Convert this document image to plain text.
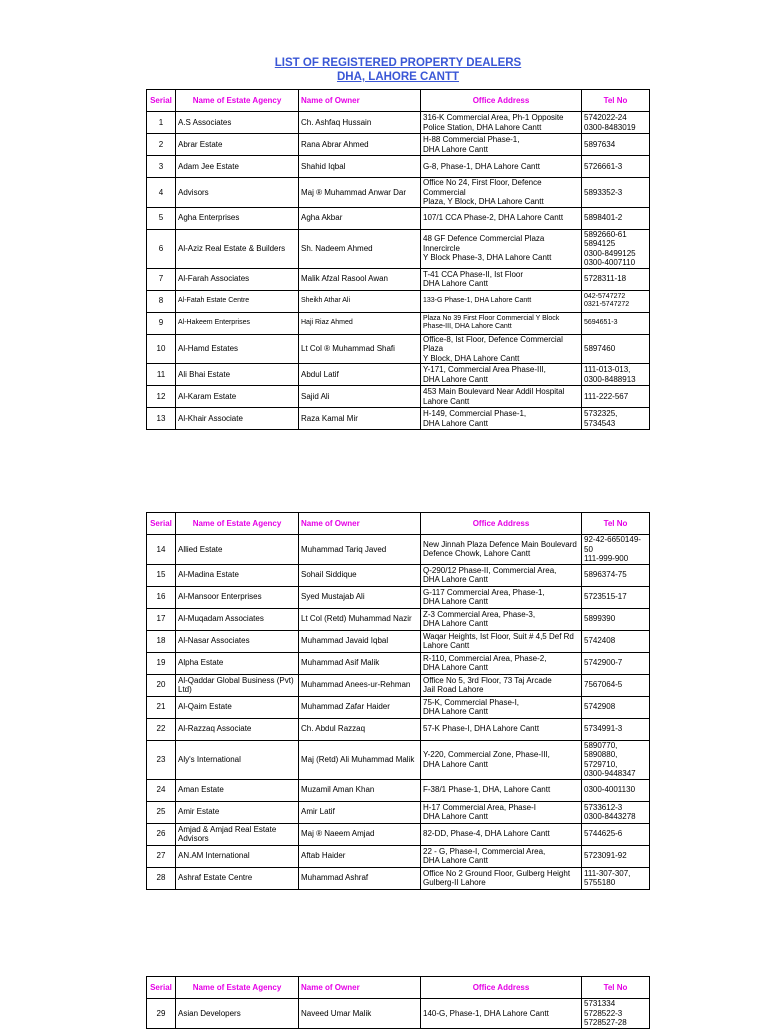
LIST OF REGISTERED PROPERTY DEALERS
DHA, LAHORE CANTT
Serial	Name of Estate Agency	Name of Owner	Office Address	Tel No
1	A.S Associates	Ch. Ashfaq Hussain	316-K Commercial Area, Ph-1 Opposite
Police Station, DHA Lahore Cantt	5742022-24
0300-8483019
2	Abrar Estate	Rana Abrar Ahmed	H-88 Commercial Phase-1,
DHA Lahore Cantt	5897634
3	Adam Jee Estate	Shahid Iqbal	G-8, Phase-1, DHA Lahore Cantt	5726661-3
4	Advisors	Maj ® Muhammad Anwar Dar	Office No 24, First Floor, Defence Commercial
Plaza, Y Block, DHA Lahore Cantt	5893352-3
5	Agha Enterprises	Agha Akbar	107/1 CCA Phase-2, DHA Lahore Cantt	5898401-2
6	Al-Aziz Real Estate & Builders	Sh. Nadeem Ahmed	48 GF Defence Commercial Plaza Innercircle
Y Block Phase-3, DHA Lahore Cantt	5892660-61
5894125
0300-8499125
0300-4007110
7	Al-Farah Associates	Malik Afzal Rasool Awan	T-41 CCA Phase-II, Ist Floor
DHA Lahore Cantt	5728311-18
8	Al-Fatah Estate Centre	Sheikh Athar Ali	133-G Phase-1, DHA Lahore Cantt	042-5747272
0321-5747272
9	Al-Hakeem Enterprises	Haji Riaz Ahmed	Plaza No 39 First Floor Commercial Y Block
Phase-III, DHA Lahore Cantt	5694651-3
10	Al-Hamd Estates	Lt Col ® Muhammad Shafi	Office-8, Ist Floor, Defence Commercial Plaza
Y Block, DHA Lahore Cantt	5897460
11	Ali Bhai Estate	Abdul Latif	Y-171, Commercial Area Phase-III,
DHA Lahore Cantt	111-013-013,
0300-8488913
12	Al-Karam Estate	Sajid Ali	453 Main Boulevard Near Addil Hospital
Lahore Cantt	111-222-567
13	Al-Khair Associate	Raza Kamal Mir	H-149, Commercial Phase-1,
DHA Lahore Cantt	5732325, 5734543
Serial	Name of Estate Agency	Name of Owner	Office Address	Tel No
14	Allied Estate	Muhammad Tariq Javed	New Jinnah Plaza Defence Main Boulevard
Defence Chowk, Lahore Cantt	92-42-6650149-50
111-999-900
15	Al-Madina Estate	Sohail Siddique	Q-290/12 Phase-II, Commercial Area,
DHA Lahore Cantt	5896374-75
16	Al-Mansoor Enterprises	Syed Mustajab Ali	G-117 Commercial Area, Phase-1,
DHA Lahore Cantt	5723515-17
17	Al-Muqadam Associates	Lt Col (Retd) Muhammad Nazir	Z-3 Commercial Area, Phase-3,
DHA Lahore Cantt	5899390
18	Al-Nasar Associates	Muhammad Javaid Iqbal	Waqar Heights, Ist Floor, Suit # 4,5 Def Rd
Lahore Cantt	5742408
19	Alpha Estate	Muhammad Asif Malik	R-110, Commercial Area, Phase-2,
DHA Lahore Cantt	5742900-7
20	Al-Qaddar Global Business (Pvt)
Ltd)	Muhammad Anees-ur-Rehman	Office No 5, 3rd Floor, 73 Taj Arcade
Jail Road Lahore	7567064-5
21	Al-Qaim Estate	Muhammad Zafar Haider	75-K, Commercial Phase-I,
DHA Lahore Cantt	5742908
22	Al-Razzaq Associate	Ch. Abdul Razzaq	57-K Phase-I, DHA Lahore Cantt	5734991-3
23	Aly's International	Maj (Retd) Ali Muhammad Malik	Y-220, Commercial Zone, Phase-III,
DHA Lahore Cantt	5890770,
5890880,
5729710,
0300-9448347
24	Aman Estate	Muzamil Aman Khan	F-38/1 Phase-1, DHA, Lahore Cantt	0300-4001130
25	Amir Estate	Amir Latif	H-17 Commercial Area, Phase-I
DHA Lahore Cantt	5733612-3
0300-8443278
26	Amjad & Amjad Real Estate
Advisors	Maj ® Naeem Amjad	82-DD, Phase-4, DHA Lahore Cantt	5744625-6
27	AN.AM International	Aftab Haider	22 - G, Phase-I, Commercial Area,
DHA Lahore Cantt	5723091-92
28	Ashraf Estate Centre	Muhammad Ashraf	Office No 2 Ground Floor, Gulberg Height
Gulberg-II Lahore	111-307-307,
5755180
Serial	Name of Estate Agency	Name of Owner	Office Address	Tel No
29	Asian Developers	Naveed Umar Malik	140-G, Phase-1, DHA Lahore Cantt	5731334
5728522-3
5728527-28
